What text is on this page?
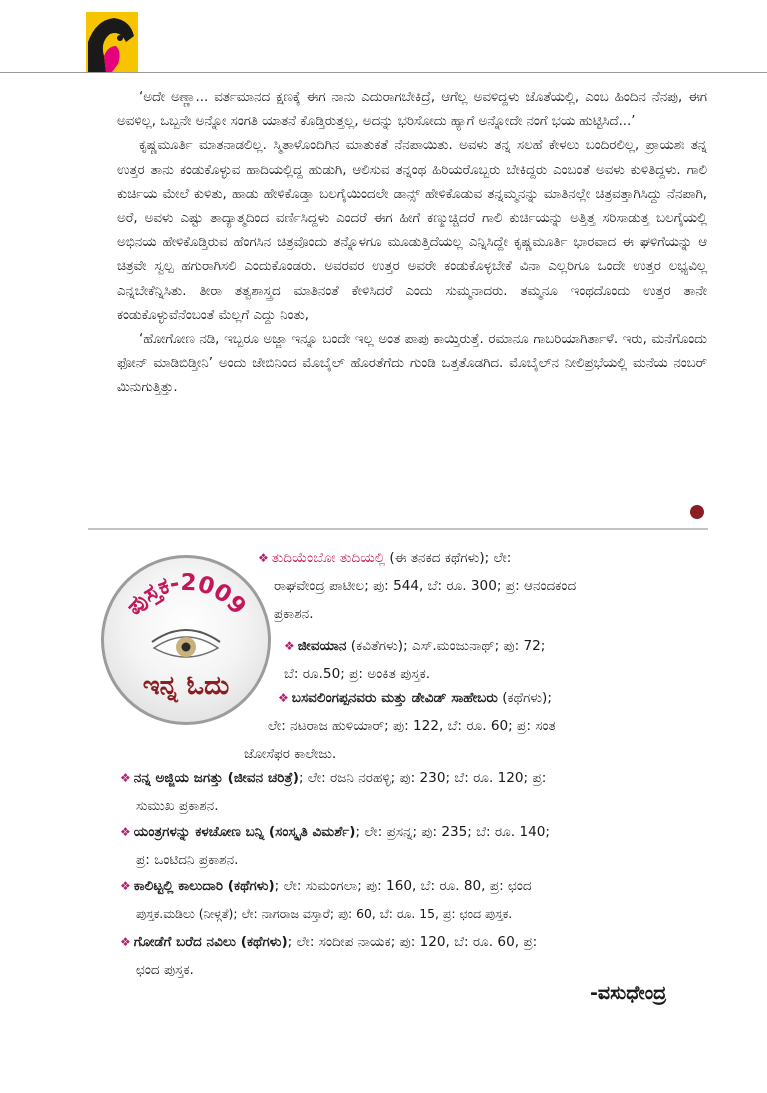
‘ಅದೇ ಅಣ್ಣಾ... ವರ್ತಮಾನದ ಕ್ಷಣಕ್ಕೆ ಈಗ ನಾನು ಎದುರಾಗಬೇಕಿದ್ರೆ, ಆಗೆಲ್ಲ ಅವಳಿದ್ದಳು ಜೊತೆಯಲ್ಲಿ, ಎಂಬ ಹಿಂದಿನ ನೆನಪು, ಈಗ ಅವಳಿಲ್ಲ, ಒಬ್ಬನೇ ಅನ್ನೋ ಸಂಗತಿ ಯಾತನೆ ಕೊಡ್ತಿರುತ್ತಲ್ಲ, ಅದನ್ನು ಭರಿಸೋದು ಹ್ಯಾಗೆ ಅನ್ನೋದೇ ನಂಗೆ ಭಯ ಹುಟ್ಟಿಸಿದೆ...’

ಕೃಷ್ಣಮೂರ್ತಿ ಮಾತನಾಡಲಿಲ್ಲ. ಸ್ಮಿತಾಳೊಂದಿಗಿನ ಮಾತುಕತೆ ನೆನಪಾಯಿತು. ಅವಳು ತನ್ನ ಸಲಹೆ ಕೇಳಲು ಬಂದಿರಲಿಲ್ಲ, ಪ್ರಾಯಶಃ ತನ್ನ ಉತ್ತರ ತಾನು ಕಂಡುಕೊಳ್ಳುವ ಹಾದಿಯಲ್ಲಿದ್ದ ಹುಡುಗಿ, ಆಲಿಸುವ ತನ್ನಂಥ ಹಿರಿಯರೊಬ್ಬರು ಬೇಕಿದ್ದರು ಎಂಬಂತೆ ಅವಳು ಕುಳಿತಿದ್ದಳು. ಗಾಲಿ ಕುರ್ಚಿಯ ಮೇಲೆ ಕುಳಿತು, ಹಾಡು ಹೇಳಿಕೊಡ್ತಾ ಬಲಗೈಯಿಂದಲೇ ಡಾನ್ಸ್ ಹೇಳಿಕೊಡುವ ತನ್ನಮ್ಮನನ್ನು ಮಾತಿನಲ್ಲೇ ಚಿತ್ರವತ್ತಾಗಿಸಿದ್ದು ನೆನಪಾಗಿ, ಅರೆ, ಅವಳು ಎಷ್ಟು ತಾದ್ಯಾತ್ಮದಿಂದ ವರ್ಣಿಸಿದ್ದಳು ಎಂದರೆ ಈಗ ಹೀಗೆ ಕಣ್ಮುಚ್ಚಿದರೆ ಗಾಲಿ ಕುರ್ಚಿಯನ್ನು ಅತ್ತಿತ್ತ ಸರಿಸಾಡುತ್ತ ಬಲಗೈಯಲ್ಲಿ ಅಭಿನಯ ಹೇಳಿಕೊಡ್ತಿರುವ ಹೆಂಗಸಿನ ಚಿತ್ರವೊಂದು ತನ್ನೊಳಗೂ ಮೂಡುತ್ತಿದೆಯಲ್ಲ ಎನ್ನಿಸಿದ್ದೇ ಕೃಷ್ಣಮೂರ್ತಿ ಭಾರವಾದ ಈ ಘಳಿಗೆಯನ್ನು ಆ ಚಿತ್ರವೇ ಸ್ವಲ್ಪ ಹಗುರಾಗಿಸಲಿ ಎಂದುಕೊಂಡರು. ಅವರವರ ಉತ್ತರ ಅವರೇ ಕಂಡುಕೊಳ್ಳಬೇಕೆ ವಿನಾ ಎಲ್ಲರಿಗೂ ಒಂದೇ ಉತ್ತರ ಲಭ್ಯವಿಲ್ಲ ಎನ್ನಬೇಕೆನ್ನಿಸಿತು. ತೀರಾ ತತ್ವಶಾಸ್ತ್ರದ ಮಾತಿನಂತೆ ಕೇಳಿಸಿದರೆ ಎಂದು ಸುಮ್ಮನಾದರು. ತಮ್ಮನೂ ಇಂಥದೊಂದು ಉತ್ತರ ತಾನೇ ಕಂಡುಕೊಳ್ಳುವೆನೆಂಬಂತೆ ಮೆಲ್ಲಗೆ ಎದ್ದು ನಿಂತು,

‘ಹೋಗೋಣ ನಡಿ, ಇಬ್ಬರೂ ಅಜ್ಜಾ ಇನ್ನೂ ಬಂದೇ ಇಲ್ಲ ಅಂತ ಪಾಪು ಕಾಯ್ತಿರುತ್ತೆ. ರಮಾನೂ ಗಾಬರಿಯಾಗಿರ್ತಾಳೆ. ಇರು, ಮನೆಗೊಂದು ಫೋನ್ ಮಾಡಿಬಿಡ್ತೀನಿ’ ಅಂದು ಜೇಬಿನಿಂದ ಮೊಬೈಲ್ ಹೊರತೆಗೆದು ಗುಂಡಿ ಒತ್ತತೊಡಗಿದ. ಮೊಬೈಲ್‌ನ ನೀಲಿಪ್ರಭೆಯಲ್ಲಿ ಮನೆಯ ನಂಬರ್ ಮಿನುಗುತ್ತಿತ್ತು.

ಪುಸ್ತಕ-2009
ಇನ್ನ ಓದು
❖ ತುದಿಯೆಂಬೋ ತುದಿಯಲ್ಲಿ (ಈ ತನಕದ ಕಥೆಗಳು); ಲೇ:
ರಾಘವೇಂದ್ರ ಪಾಟೀಲ; ಪು: 544, ಬೆ: ರೂ. 300; ಪ್ರ: ಆನಂದಕಂದ
ಪ್ರಕಾಶನ.
❖ ಜೀವಯಾನ (ಕವಿತೆಗಳು); ಎಸ್.ಮಂಜುನಾಥ್; ಪು: 72;
ಬೆ: ರೂ.50; ಪ್ರ: ಅಂಕಿತ ಪುಸ್ತಕ.
❖ ಬಸವಲಿಂಗಪ್ಪನವರು ಮತ್ತು ಡೇವಿಡ್ ಸಾಹೇಬರು (ಕಥೆಗಳು);
ಲೇ: ನಟರಾಜ ಹುಳಿಯಾರ್; ಪು: 122, ಬೆ: ರೂ. 60; ಪ್ರ: ಸಂತ
ಜೋಸೆಫರ ಕಾಲೇಜು.
❖ ನನ್ನ ಅಜ್ಜಿಯ ಜಗತ್ತು (ಜೀವನ ಚರಿತ್ರೆ); ಲೇ: ರಜನಿ ನರಹಳ್ಳಿ; ಪು: 230; ಬೆ: ರೂ. 120; ಪ್ರ:
ಸುಮುಖ ಪ್ರಕಾಶನ.
❖ ಯಂತ್ರಗಳನ್ನು ಕಳಚೋಣ ಬನ್ನಿ (ಸಂಸ್ಕೃತಿ ವಿಮರ್ಶೆ); ಲೇ: ಪ್ರಸನ್ನ; ಪು: 235; ಬೆ: ರೂ. 140;
ಪ್ರ: ಒಂಟಿದನಿ ಪ್ರಕಾಶನ.
❖ ಕಾಲಿಟ್ಟಲ್ಲಿ ಕಾಲುದಾರಿ (ಕಥೆಗಳು); ಲೇ: ಸುಮಂಗಲಾ; ಪು: 160, ಬೆ: ರೂ. 80, ಪ್ರ: ಛಂದ
ಪುಸ್ತಕ.ಮಡಿಲು (ನೀಳ್ಗತೆ); ಲೇ: ನಾಗರಾಜ ವಸ್ತಾರೆ; ಪು: 60, ಬೆ: ರೂ. 15, ಪ್ರ: ಛಂದ ಪುಸ್ತಕ.
❖ ಗೋಡೆಗೆ ಬರೆದ ನವಿಲು (ಕಥೆಗಳು); ಲೇ: ಸಂದೀಪ ನಾಯಕ; ಪು: 120, ಬೆ: ರೂ. 60, ಪ್ರ:
ಛಂದ ಪುಸ್ತಕ.
-ವಸುಧೇಂದ್ರ
